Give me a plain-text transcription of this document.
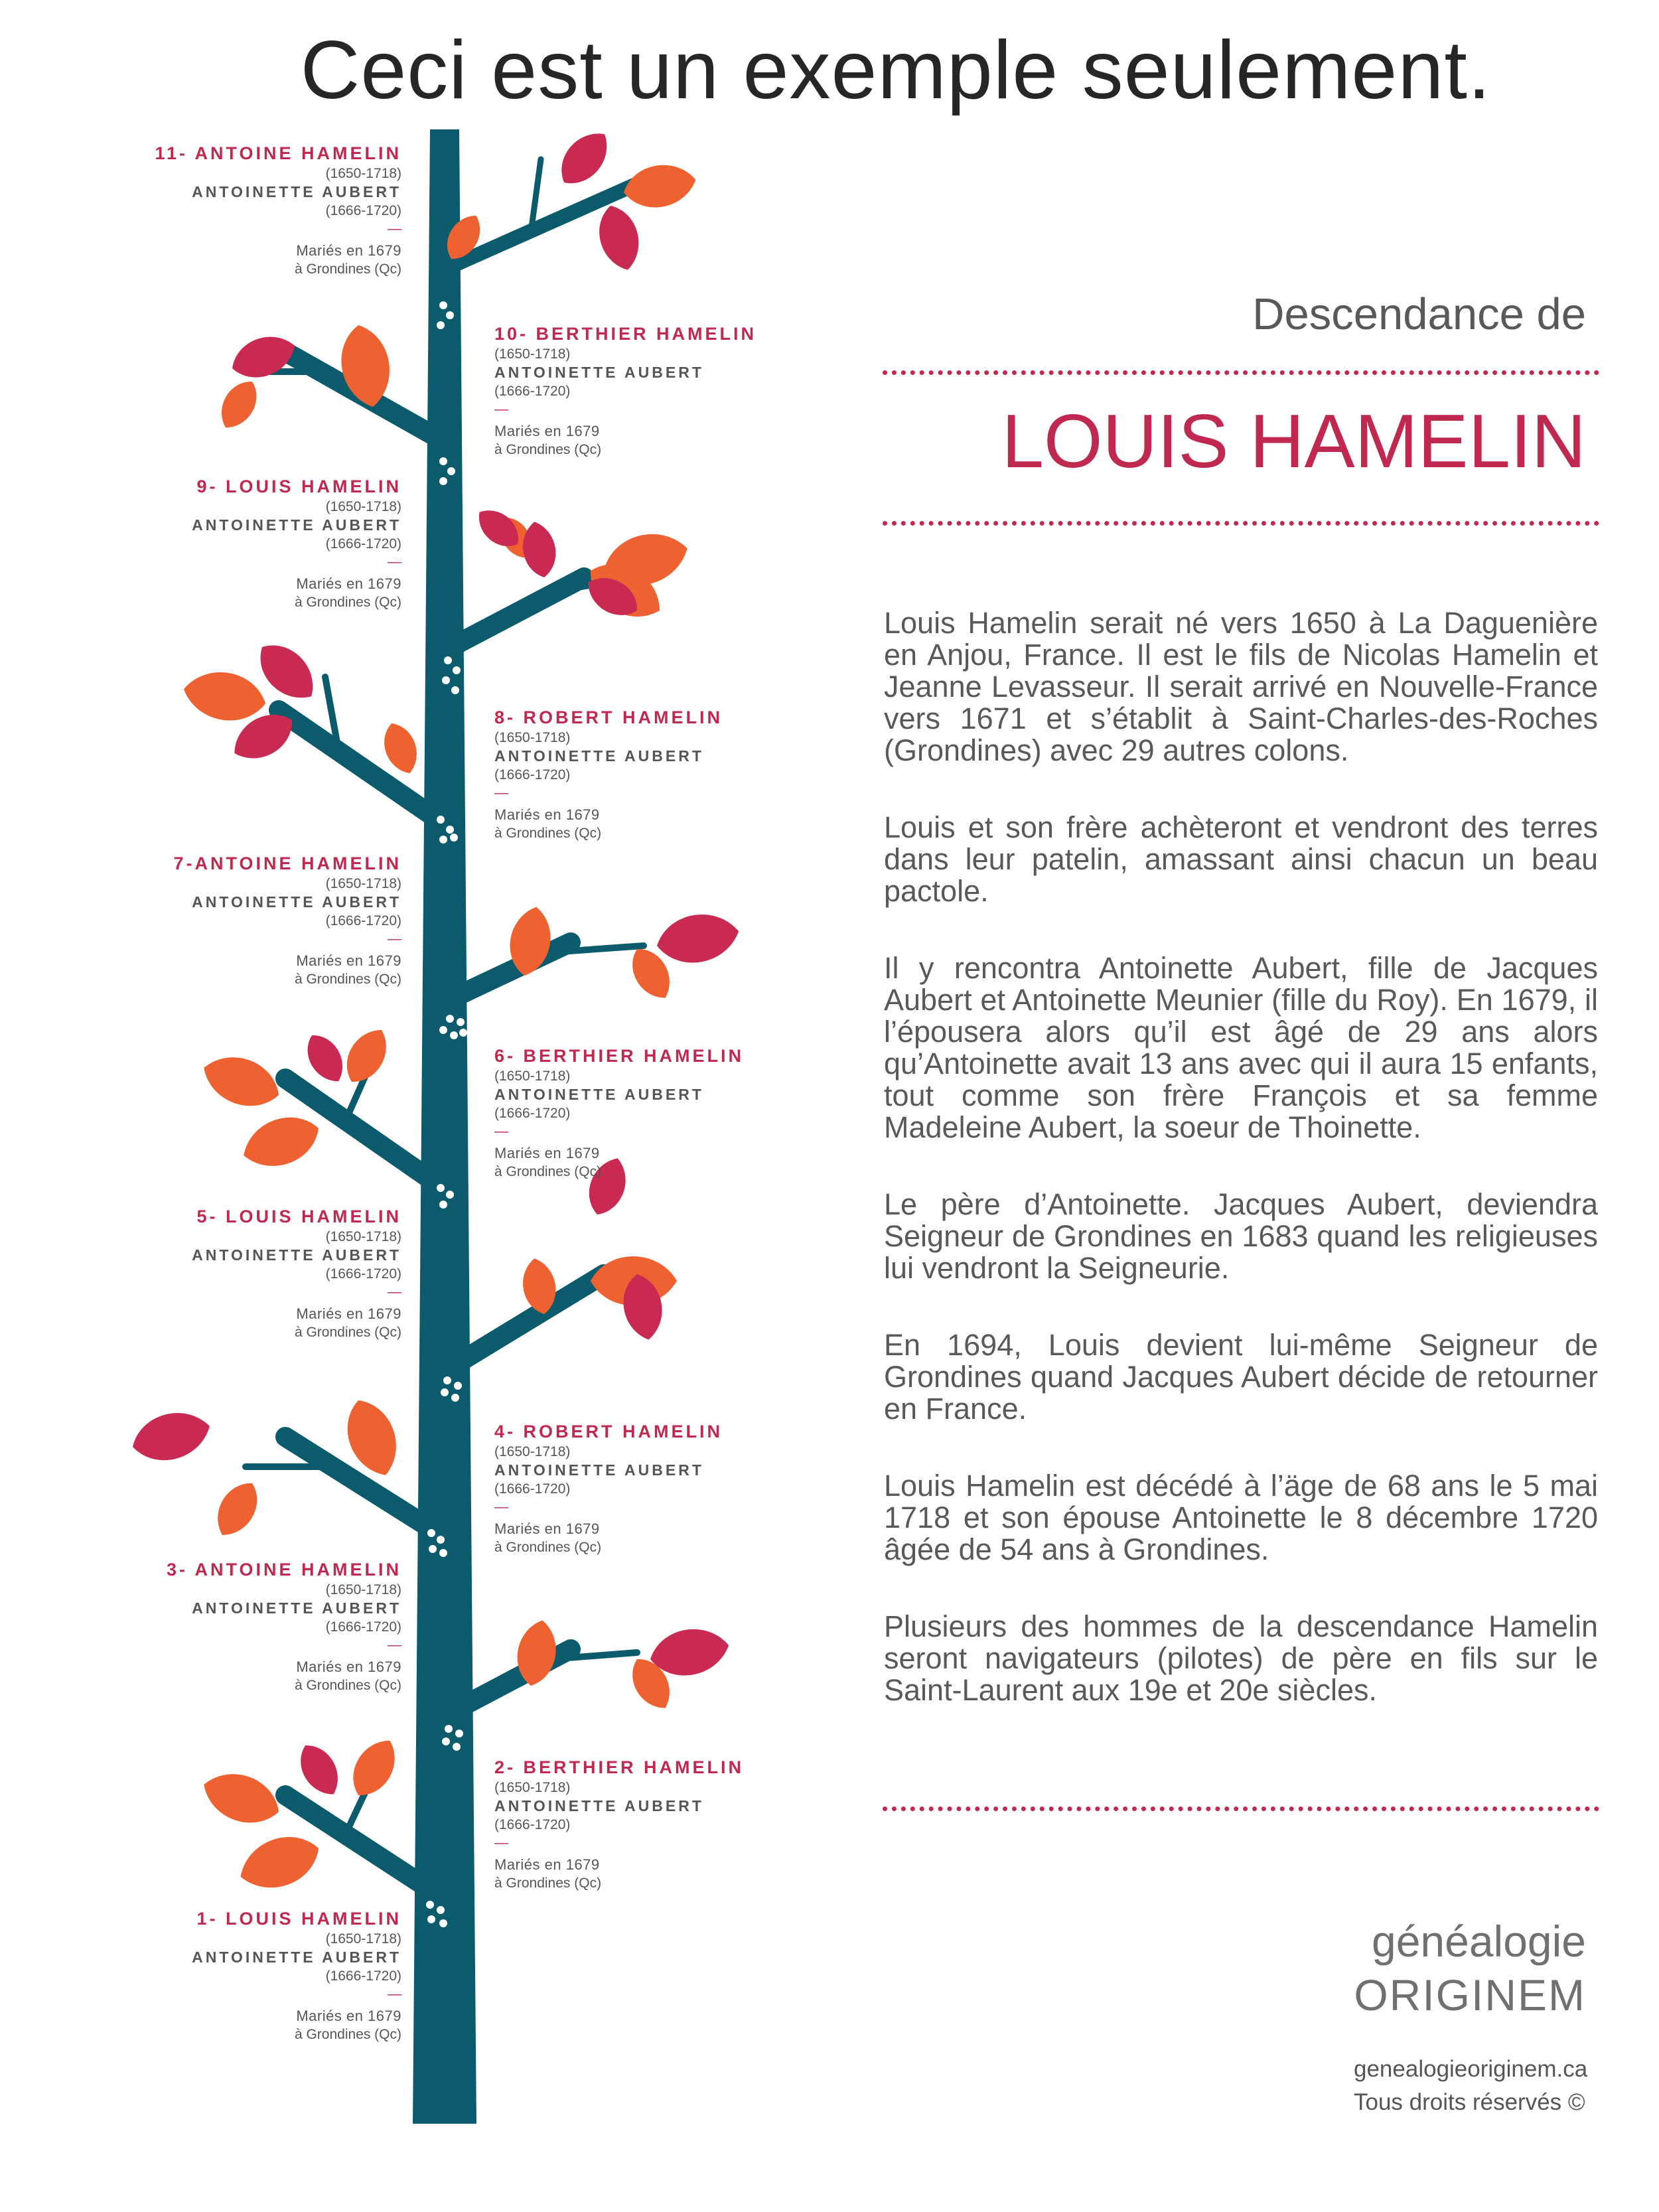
Ceci est un exemple seulement.
11- ANTOINE HAMELIN
(1650-1718)
ANTOINETTE AUBERT
(1666-1720)
—
Mariés en 1679
à Grondines (Qc)
10- BERTHIER HAMELIN
(1650-1718)
ANTOINETTE AUBERT
(1666-1720)
—
Mariés en 1679
à Grondines (Qc)
9- LOUIS HAMELIN
(1650-1718)
ANTOINETTE AUBERT
(1666-1720)
—
Mariés en 1679
à Grondines (Qc)
8- ROBERT HAMELIN
(1650-1718)
ANTOINETTE AUBERT
(1666-1720)
—
Mariés en 1679
à Grondines (Qc)
7-ANTOINE HAMELIN
(1650-1718)
ANTOINETTE AUBERT
(1666-1720)
—
Mariés en 1679
à Grondines (Qc)
6- BERTHIER HAMELIN
(1650-1718)
ANTOINETTE AUBERT
(1666-1720)
—
Mariés en 1679
à Grondines (Qc)
5- LOUIS HAMELIN
(1650-1718)
ANTOINETTE AUBERT
(1666-1720)
—
Mariés en 1679
à Grondines (Qc)
4- ROBERT HAMELIN
(1650-1718)
ANTOINETTE AUBERT
(1666-1720)
—
Mariés en 1679
à Grondines (Qc)
3- ANTOINE HAMELIN
(1650-1718)
ANTOINETTE AUBERT
(1666-1720)
—
Mariés en 1679
à Grondines (Qc)
2- BERTHIER HAMELIN
(1650-1718)
ANTOINETTE AUBERT
(1666-1720)
—
Mariés en 1679
à Grondines (Qc)
1- LOUIS HAMELIN
(1650-1718)
ANTOINETTE AUBERT
(1666-1720)
—
Mariés en 1679
à Grondines (Qc)
Descendance de
LOUIS HAMELIN

Louis Hamelin serait né vers 1650 à La Daguenière en Anjou, France. Il est le fils de Nicolas Hamelin et Jeanne Levasseur. Il serait arrivé en Nouvelle-France vers 1671 et s’établit à Saint-Charles-des-Roches (Grondines) avec 29 autres colons.

Louis et son frère achèteront et vendront des terres dans leur patelin, amassant ainsi chacun un beau pactole.

Il y rencontra Antoinette Aubert, fille de Jacques Aubert et Antoinette Meunier (fille du Roy). En 1679, il l’épousera alors qu’il est âgé de 29 ans alors qu’Antoinette avait 13 ans avec qui il aura 15 enfants, tout comme son frère François et sa femme Madeleine Aubert, la soeur de Thoinette.

Le père d’Antoinette. Jacques Aubert, deviendra Seigneur de Grondines en 1683 quand les religieuses lui vendront la Seigneurie.

En 1694, Louis devient lui-même Seigneur de Grondines quand Jacques Aubert décide de retourner en France.

Louis Hamelin est décédé à l’äge de 68 ans le 5 mai 1718 et son épouse Antoinette le 8 décembre 1720 âgée de 54 ans à Grondines.

Plusieurs des hommes de la descendance Hamelin seront navigateurs (pilotes) de père en fils sur le Saint-Laurent aux 19e et 20e siècles.

généalogie
ORIGINEM
genealogieoriginem.ca
Tous droits réservés ©
